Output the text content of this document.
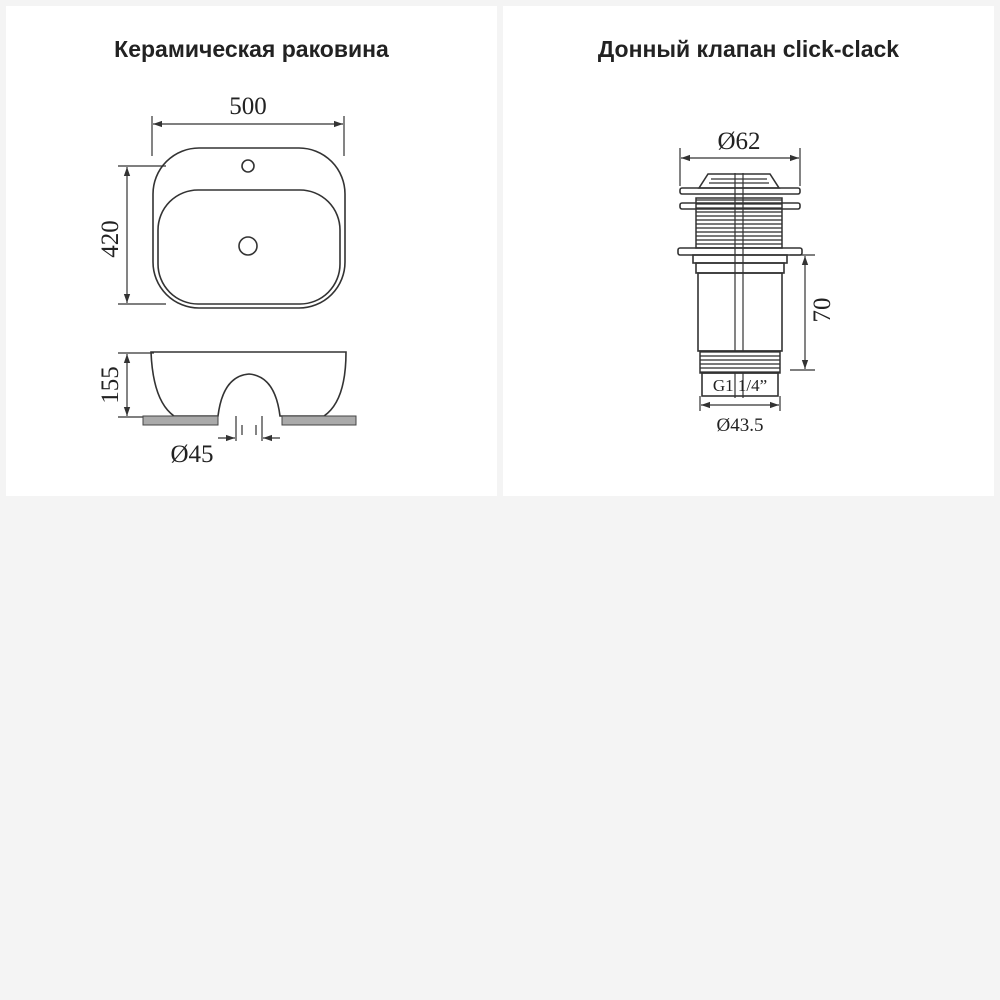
Керамическая раковина
500
420
155
Ø45
Донный клапан click-clack
Ø62
70
G1 1/4”
Ø43.5
